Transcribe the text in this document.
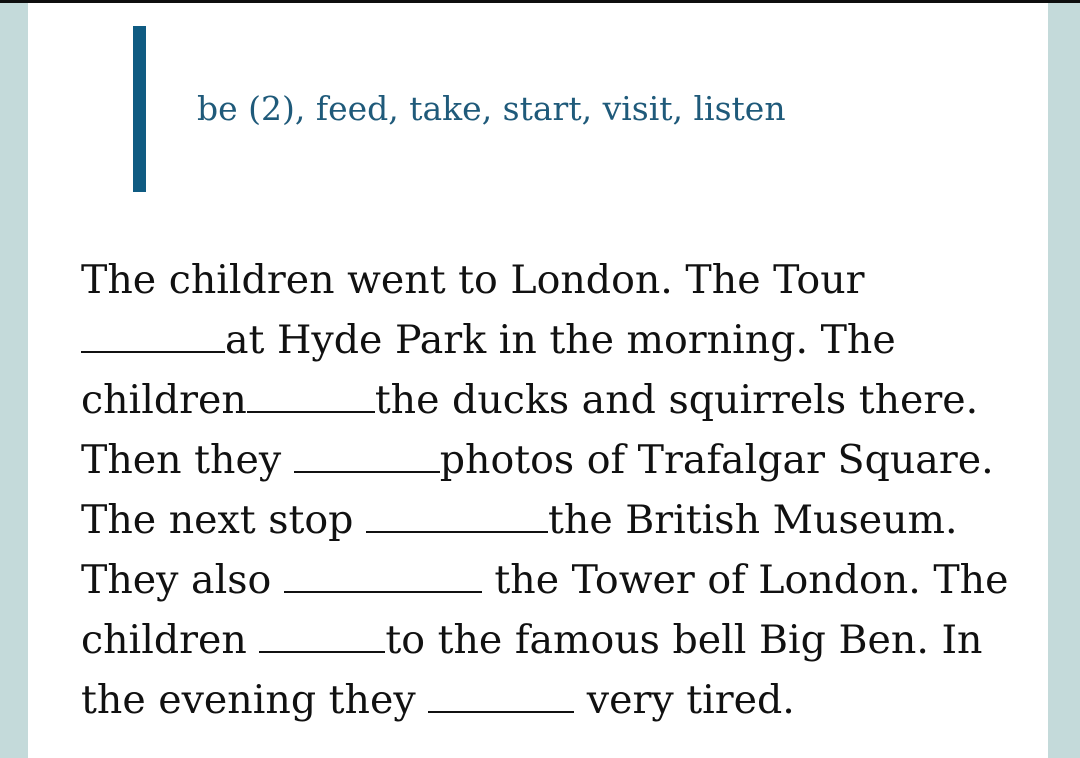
be (2), feed, take, start, visit, listen
The children went to London. The Tour
at Hyde Park in the morning. The
children	the ducks and squirrels there.
Then they	photos of Trafalgar Square.
The next stop	the British Museum.
They also	the Tower of London. The
children	to the famous bell Big Ben. In
the evening they	very tired.
